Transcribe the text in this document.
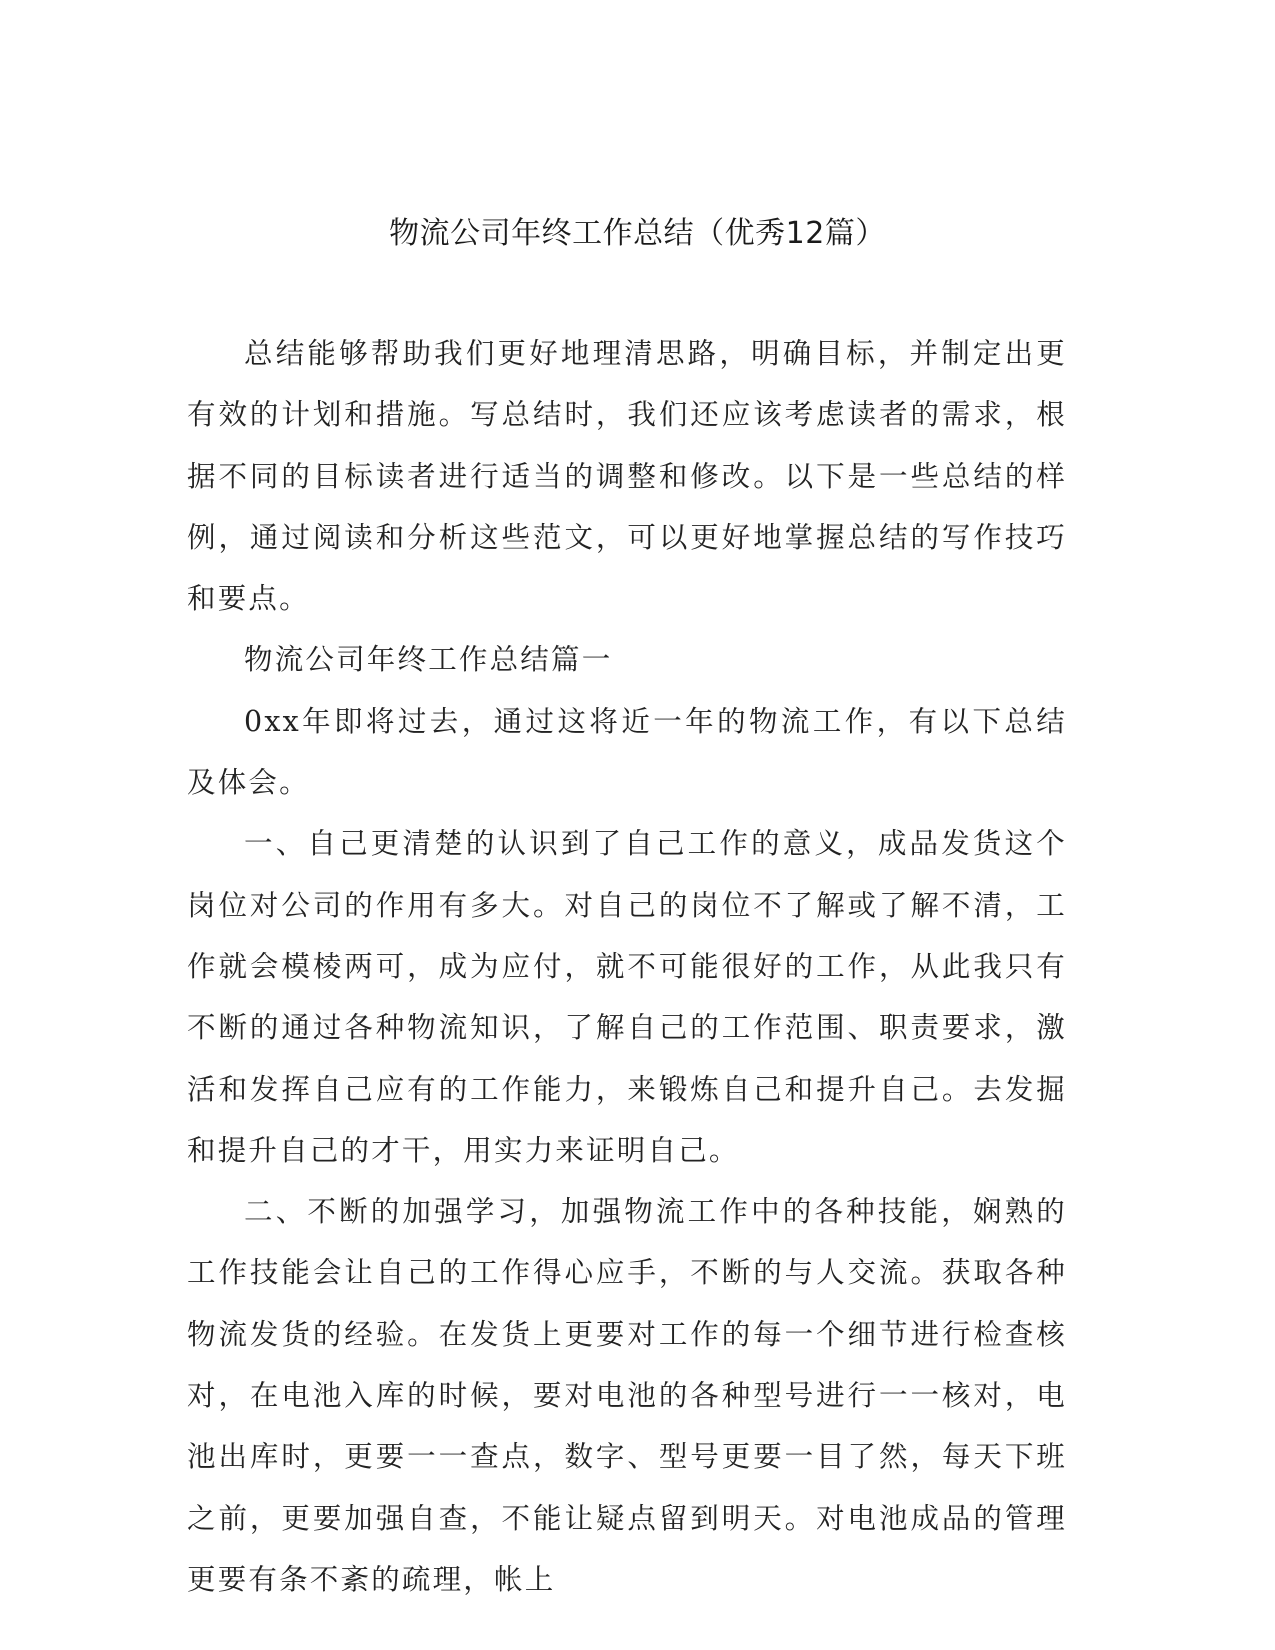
物流公司年终工作总结（优秀12篇）

总结能够帮助我们更好地理清思路，明确目标，并制定出更有效的计划和措施。写总结时，我们还应该考虑读者的需求，根据不同的目标读者进行适当的调整和修改。以下是一些总结的样例，通过阅读和分析这些范文，可以更好地掌握总结的写作技巧和要点。

物流公司年终工作总结篇一

0xx年即将过去，通过这将近一年的物流工作，有以下总结及体会。

一、自己更清楚的认识到了自己工作的意义，成品发货这个岗位对公司的作用有多大。对自己的岗位不了解或了解不清，工作就会模棱两可，成为应付，就不可能很好的工作，从此我只有不断的通过各种物流知识，了解自己的工作范围、职责要求，激活和发挥自己应有的工作能力，来锻炼自己和提升自己。去发掘和提升自己的才干，用实力来证明自己。

二、不断的加强学习，加强物流工作中的各种技能，娴熟的工作技能会让自己的工作得心应手，不断的与人交流。获取各种物流发货的经验。在发货上更要对工作的每一个细节进行检查核对，在电池入库的时候，要对电池的各种型号进行一一核对，电池出库时，更要一一查点，数字、型号更要一目了然，每天下班之前，更要加强自查，不能让疑点留到明天。对电池成品的管理更要有条不紊的疏理，帐上
